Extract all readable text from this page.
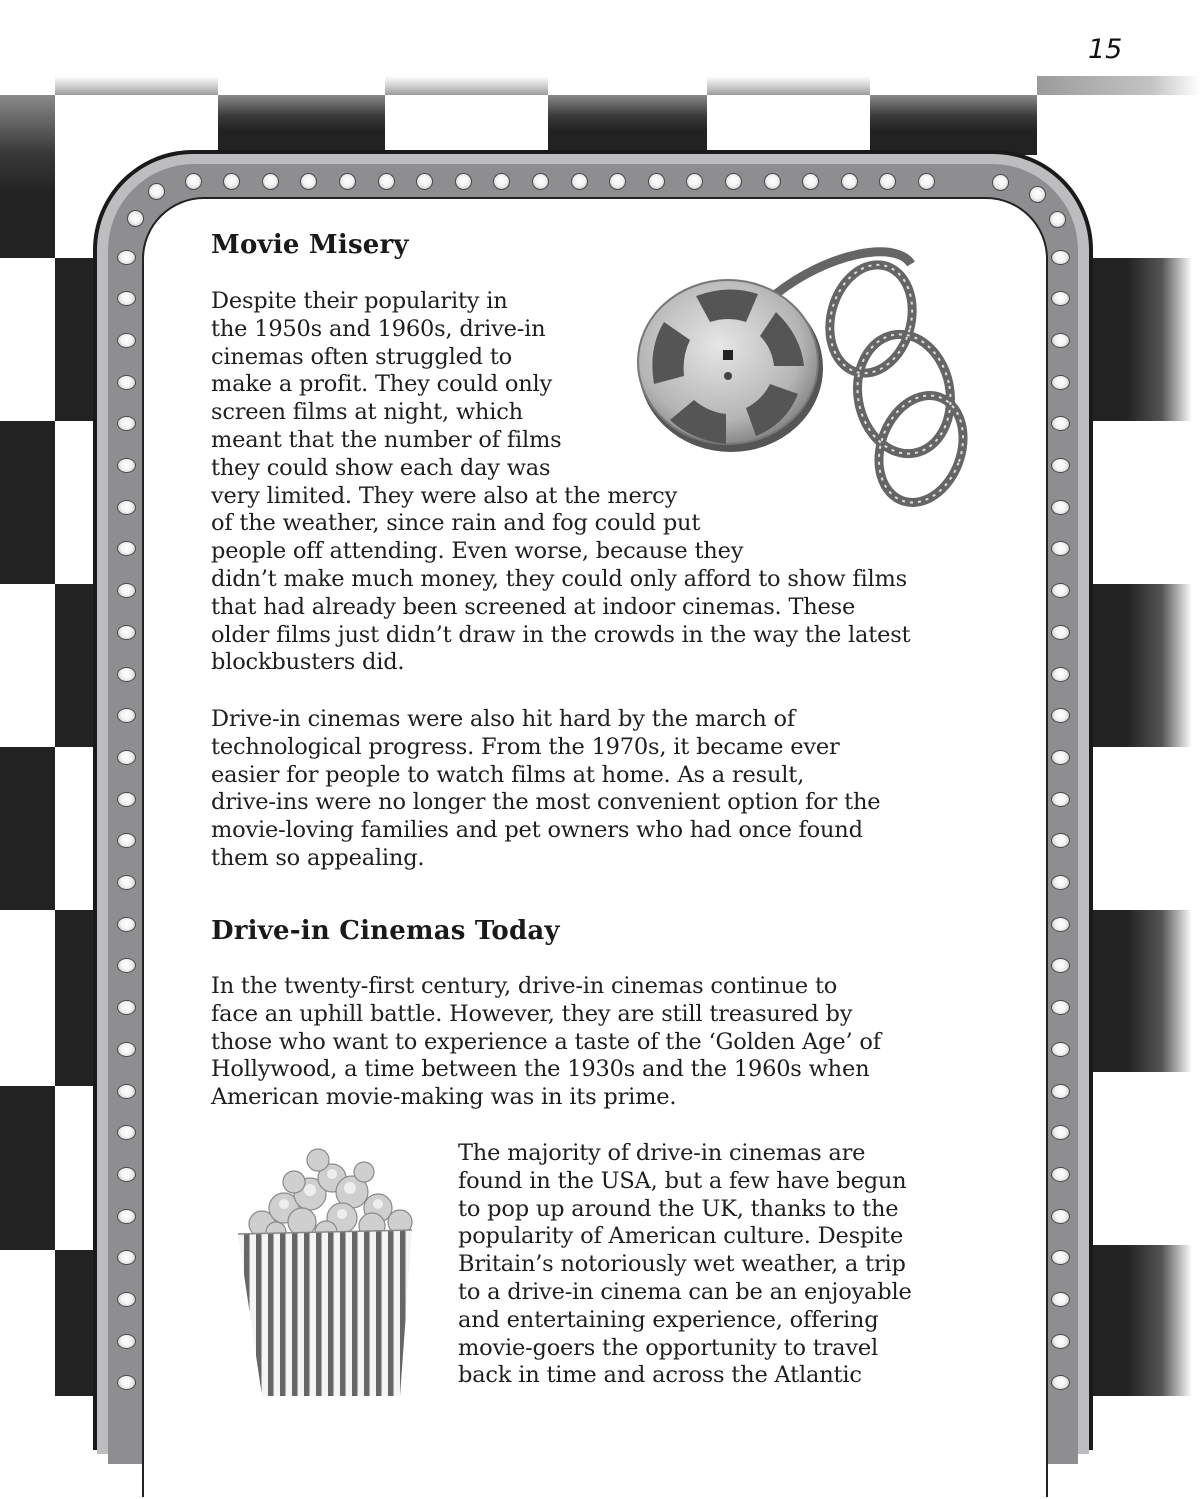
15
Movie Misery

Despite their popularity in
the 1950s and 1960s, drive-in
cinemas often struggled to
make a profit. They could only
screen films at night, which
meant that the number of films
they could show each day was
very limited. They were also at the mercy
of the weather, since rain and fog could put
people off attending. Even worse, because they
didn’t make much money, they could only afford to show films
that had already been screened at indoor cinemas. These
older films just didn’t draw in the crowds in the way the latest
blockbusters did.

Drive-in cinemas were also hit hard by the march of
technological progress. From the 1970s, it became ever
easier for people to watch films at home. As a result,
drive-ins were no longer the most convenient option for the
movie-loving families and pet owners who had once found
them so appealing.

Drive-in Cinemas Today

In the twenty-first century, drive-in cinemas continue to
face an uphill battle. However, they are still treasured by
those who want to experience a taste of the ‘Golden Age’ of
Hollywood, a time between the 1930s and the 1960s when
American movie-making was in its prime.

The majority of drive-in cinemas are
found in the USA, but a few have begun
to pop up around the UK, thanks to the
popularity of American culture. Despite
Britain’s notoriously wet weather, a trip
to a drive-in cinema can be an enjoyable
and entertaining experience, offering
movie-goers the opportunity to travel
back in time and across the Atlantic
